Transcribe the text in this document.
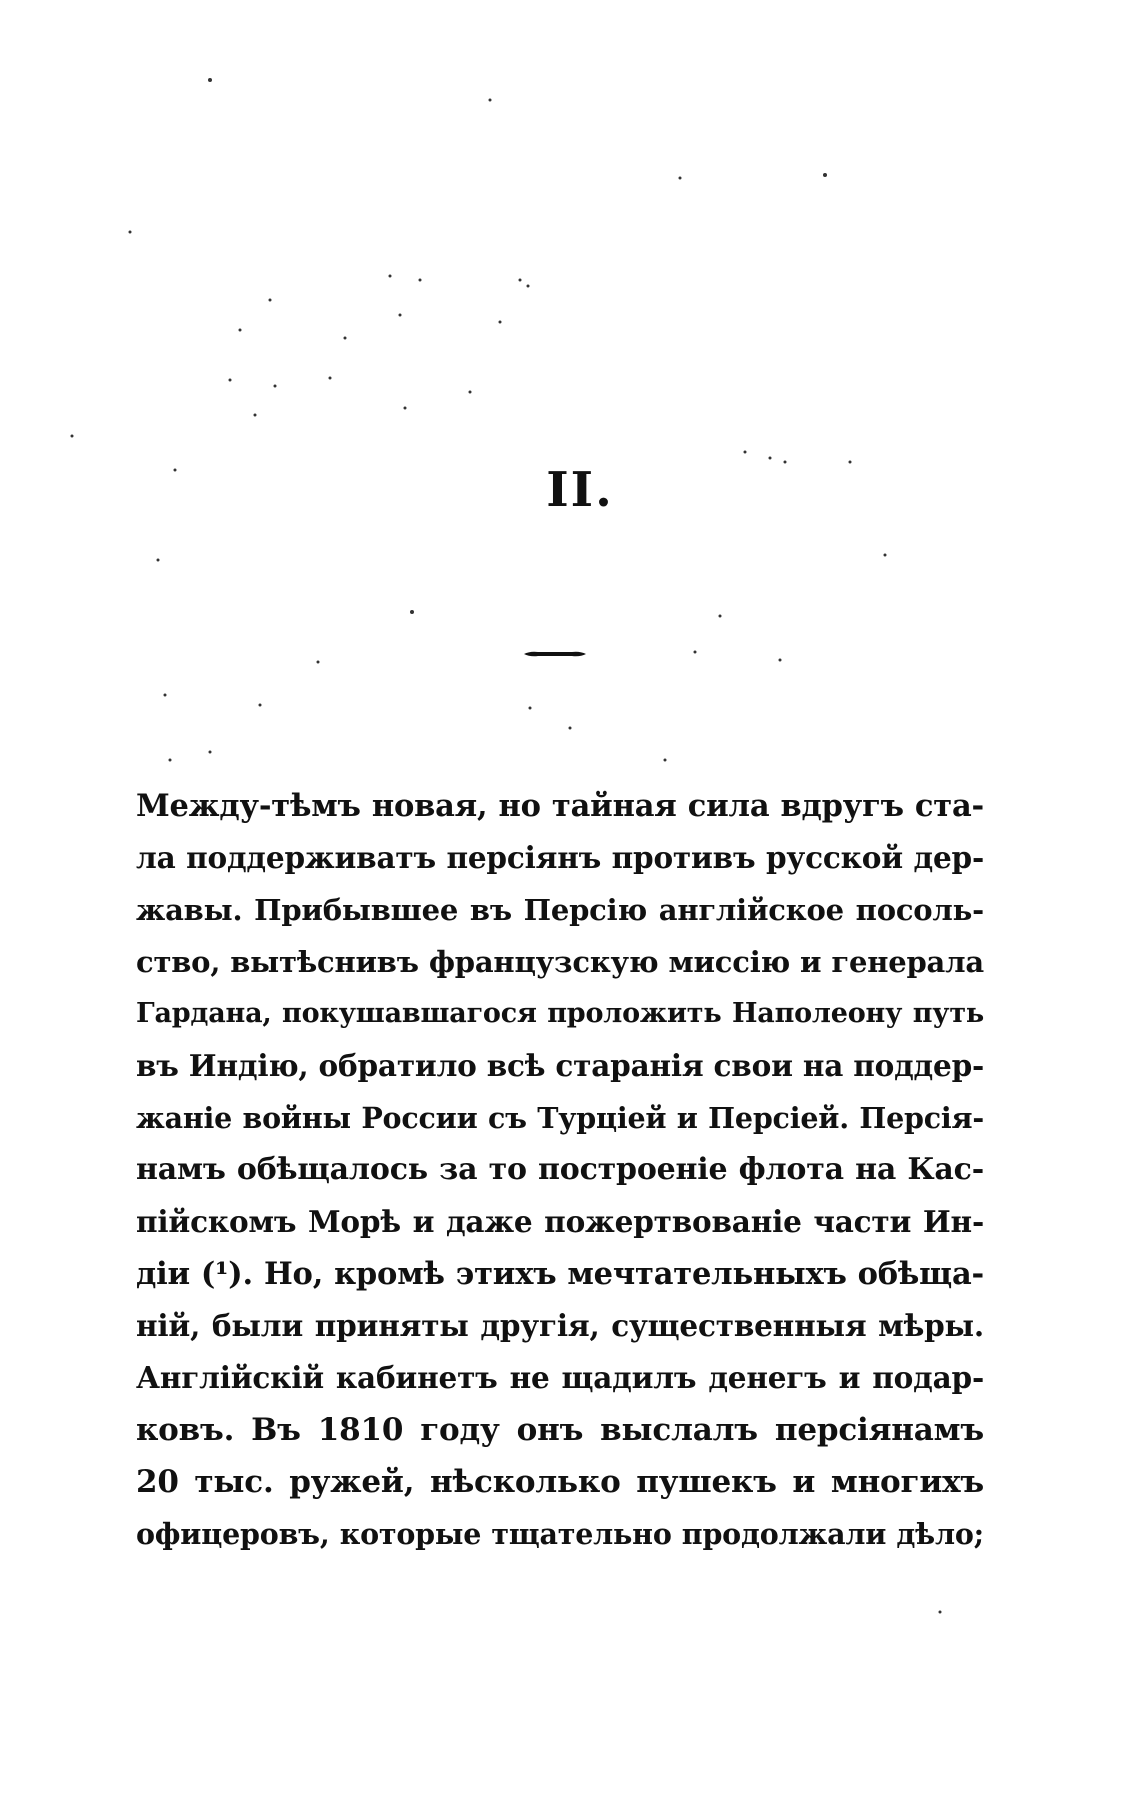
II.
Между-тѣмъ новая, но тайная сила вдругъ ста-
ла поддерживатъ персіянъ противъ русской дер-
жавы. Прибывшее въ Персію англійское посоль-
ство, вытѣснивъ французскую миссію и генерала
Гардана, покушавшагося проложить Наполеону путь
въ Индію, обратило всѣ старанія свои на поддер-
жаніе войны России съ Турціей и Персіей. Персія-
намъ обѣщалось за то построеніе флота на Кас-
пійскомъ Морѣ и даже пожертвованіе части Ин-
діи (¹). Но, кромѣ этихъ мечтательныхъ обѣща-
ній, были приняты другія, существенныя мѣры.
Англійскій кабинетъ не щадилъ денегъ и подар-
ковъ. Въ 1810 году онъ выслалъ персіянамъ
20 тыс. ружей, нѣсколько пушекъ и многихъ
офицеровъ, которые тщательно продолжали дѣло;
